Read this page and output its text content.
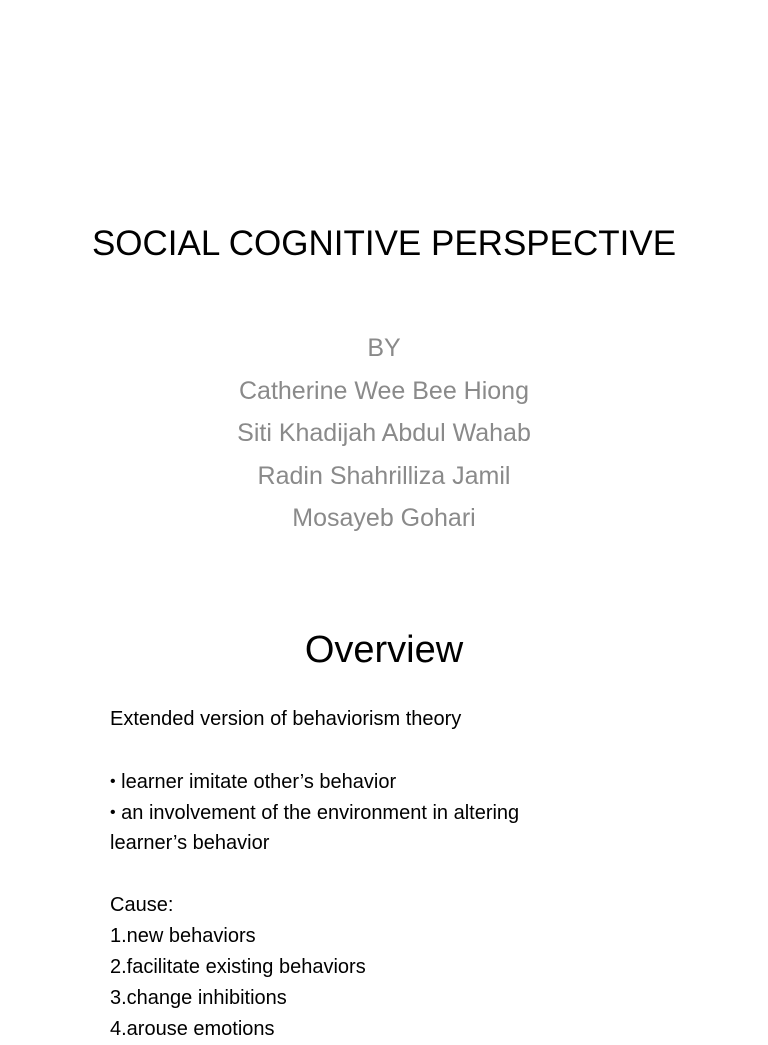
SOCIAL COGNITIVE PERSPECTIVE
BY
Catherine Wee Bee Hiong
Siti Khadijah Abdul Wahab
Radin Shahrilliza Jamil
Mosayeb Gohari
Overview
Extended version of behaviorism theory
• learner imitate other’s behavior
• an involvement of the environment in altering
learner’s behavior
Cause:
1.new behaviors
2.facilitate existing behaviors
3.change inhibitions
4.arouse emotions
